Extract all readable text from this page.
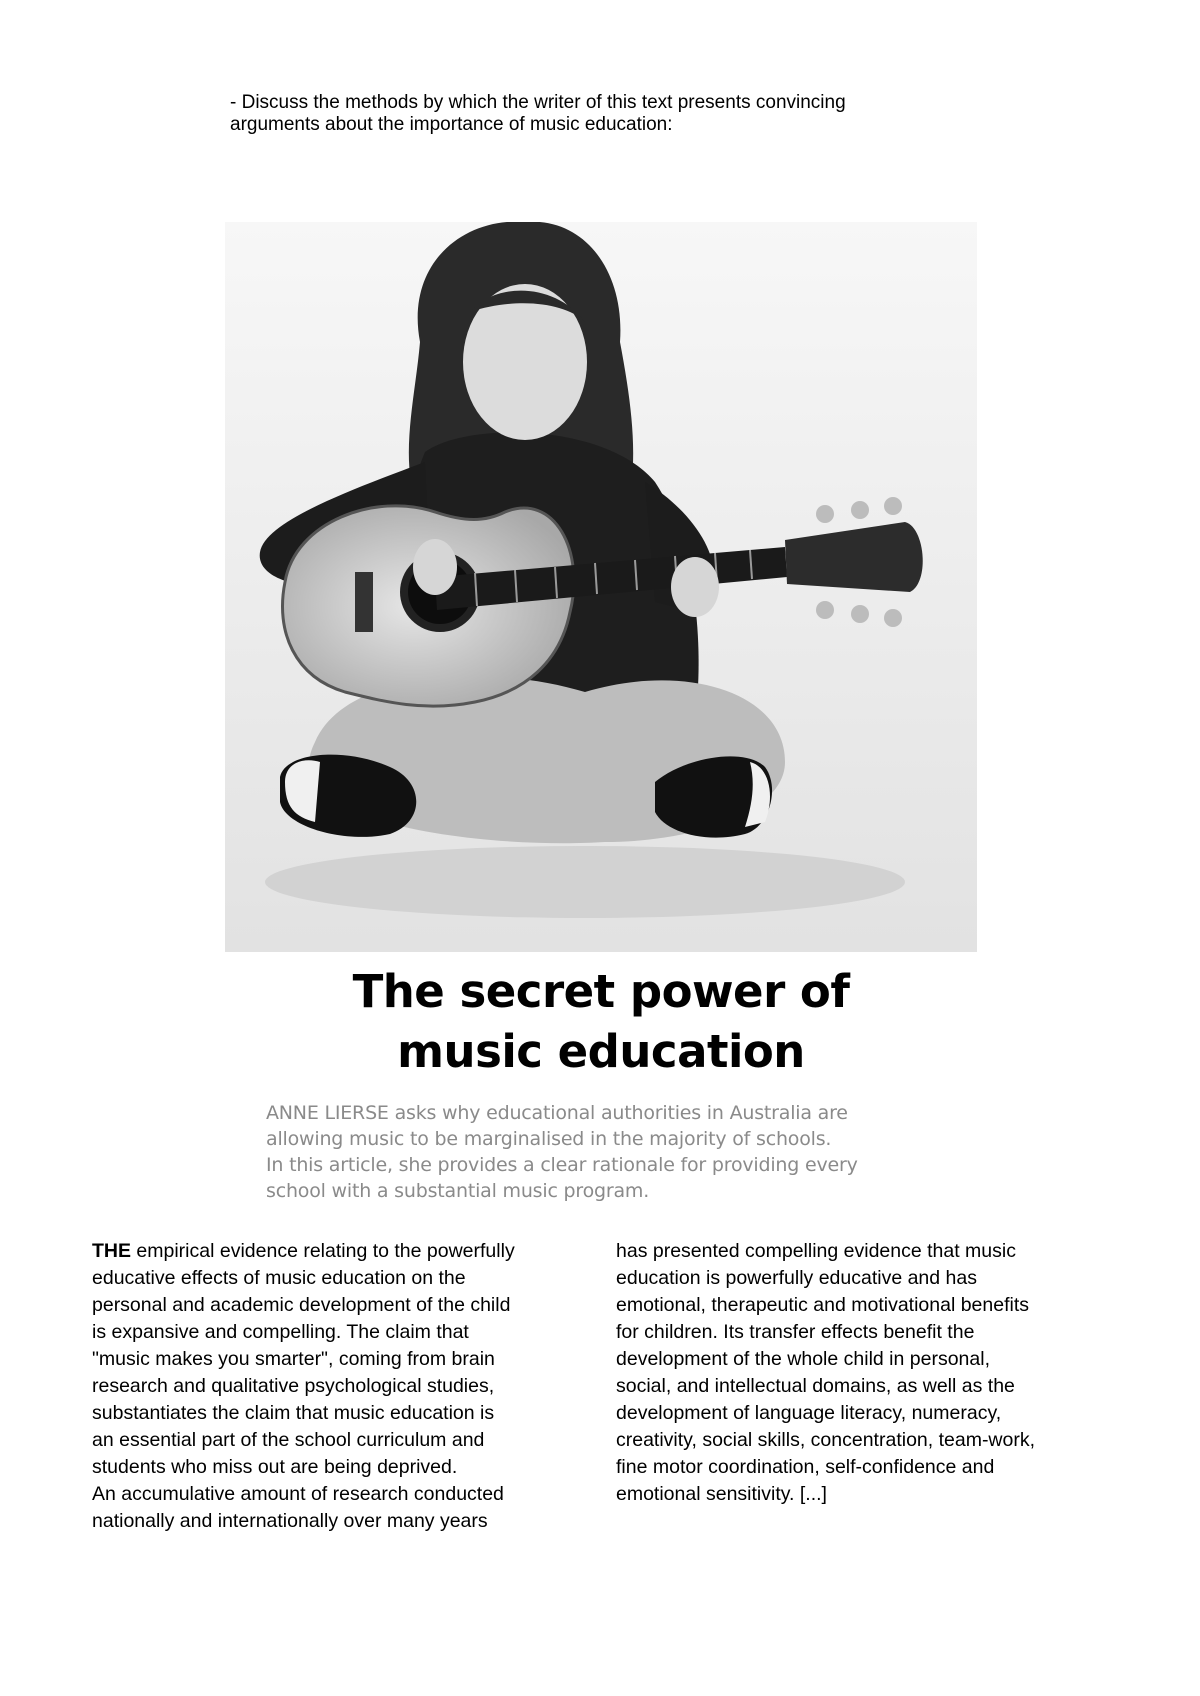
- Discuss the methods by which the writer of this text presents convincing
arguments about the importance of music education:
The secret power of
music education
ANNE LIERSE asks why educational authorities in Australia are
allowing music to be marginalised in the majority of schools.
In this article, she provides a clear rationale for providing every
school with a substantial music program.
THE empirical evidence relating to the powerfully
educative effects of music education on the
personal and academic development of the child
is expansive and compelling. The claim that
"music makes you smarter", coming from brain
research and qualitative psychological studies,
substantiates the claim that music education is
an essential part of the school curriculum and
students who miss out are being deprived.
An accumulative amount of research conducted
nationally and internationally over many years
has presented compelling evidence that music
education is powerfully educative and has
emotional, therapeutic and motivational benefits
for children. Its transfer effects benefit the
development of the whole child in personal,
social, and intellectual domains, as well as the
development of language literacy, numeracy,
creativity, social skills, concentration, team-work,
fine motor coordination, self-confidence and
emotional sensitivity. [...]
